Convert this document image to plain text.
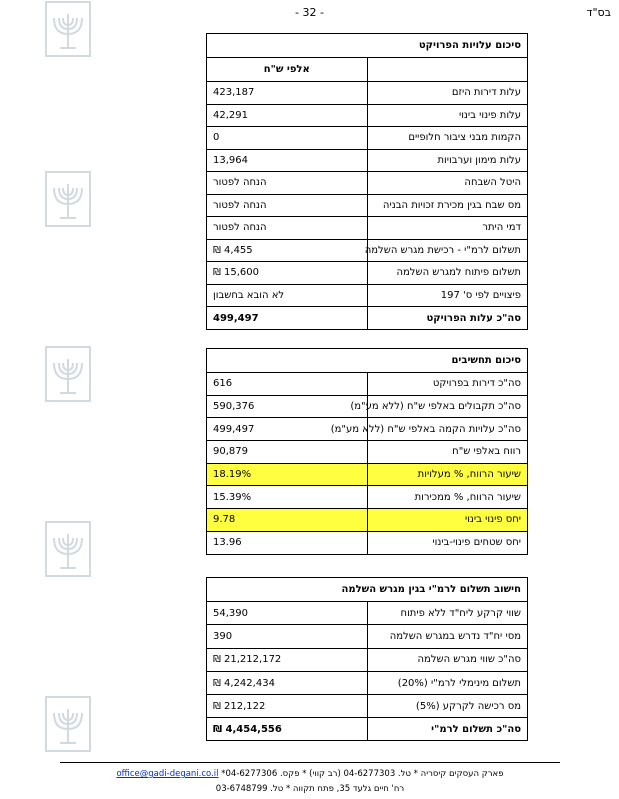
- 32 -	בס"ד
סיכום עלויות הפרויקט	
	אלפי ש"ח
עלות דירות היזם	423,187
עלות פינוי בינוי	42,291
הקמות מבני ציבור חלופיים	0
עלות מימון וערבויות	13,964
היטל השבחה	הנחה לפטור
מס שבח בגין מכירת זכויות הבניה	הנחה לפטור
דמי היתר	הנחה לפטור
תשלום לרמ"י - רכישת מגרש השלמה	4,455 ₪
תשלום פיתוח למגרש השלמה	15,600 ₪
פיצויים לפי ס' 197	לא הובא בחשבון
סה"כ עלות הפרויקט	499,497
סיכום תחשיבים	
סה"כ דירות בפרויקט	616
סה"כ תקבולים באלפי ש"ח (ללא מע"מ)	590,376
סה"כ עלויות הקמה באלפי ש"ח (ללא מע"מ)	499,497
רווח באלפי ש"ח	90,879
שיעור הרווח, % מעלויות	18.19%
שיעור הרווח, % ממכירות	15.39%
יחס פינוי בינוי	9.78
יחס שטחים פינוי-בינוי	13.96
חישוב תשלום לרמ"י בגין מגרש השלמה	
שווי קרקע ליח"ד ללא פיתוח	54,390
מסי יח"ד נדרש במגרש השלמה	390
סה"כ שווי מגרש השלמה	21,212,172 ₪
תשלום מינימלי לרמ"י (20%)	4,242,434 ₪
מס רכישה לקרקע (5%)	212,122 ₪
סה"כ תשלום לרמ"י	4,454,556 ₪
פארק העסקים קיסריה * טל. 04-6277303 (רב קווי) * פקס. 04-6277306* office@gadi-degani.co.il
רח' חיים גלעד 35, פתח תקווה * טל. 03-6748799
